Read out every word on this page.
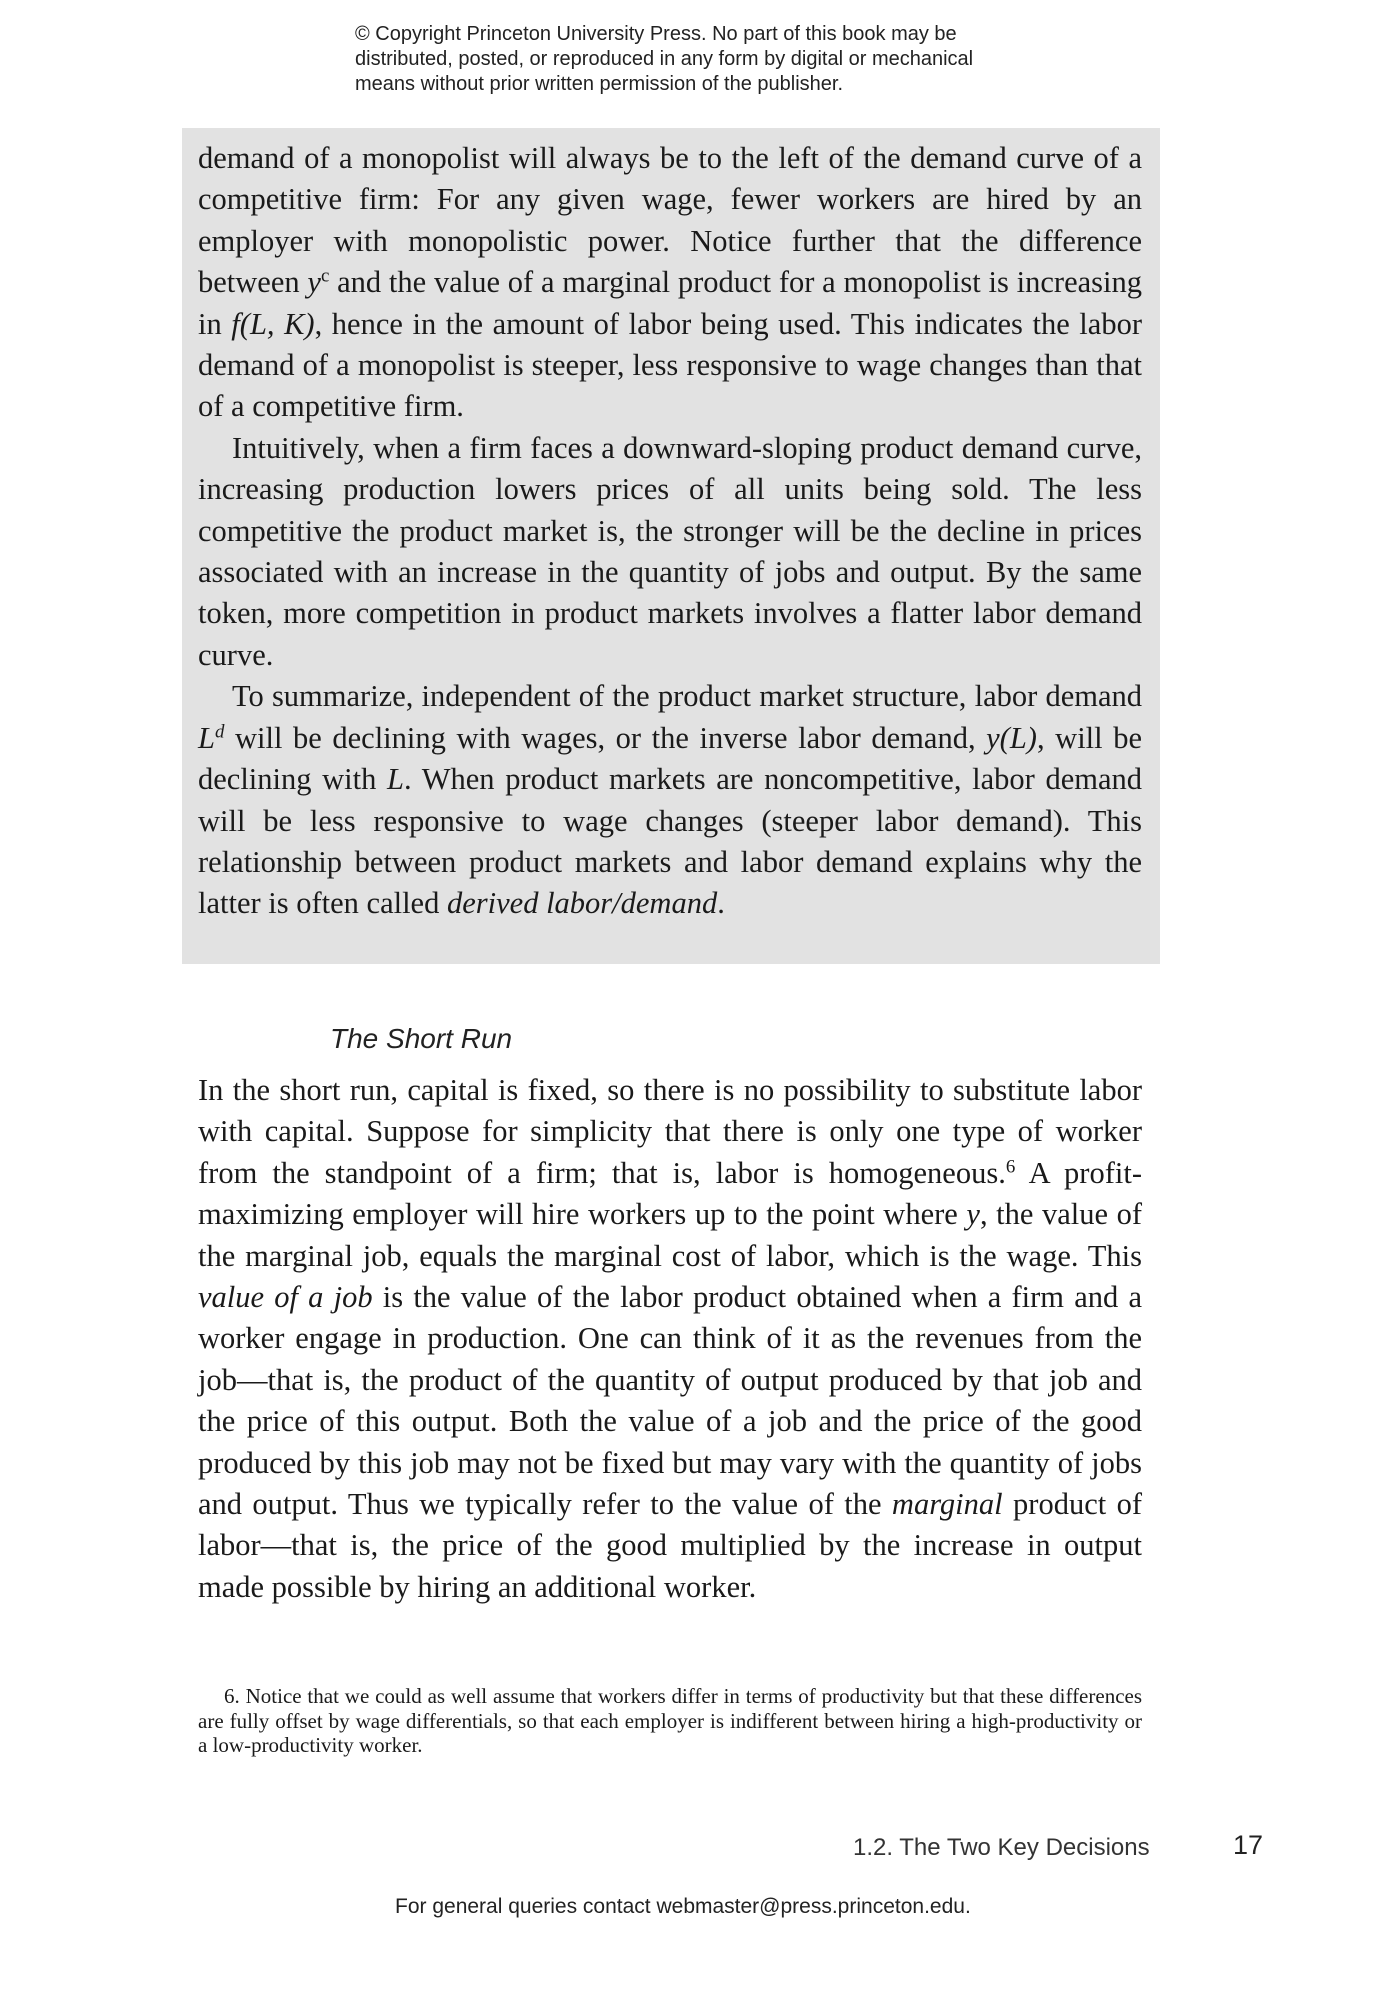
© Copyright Princeton University Press. No part of this book may be

distributed, posted, or reproduced in any form by digital or mechanical

means without prior written permission of the publisher.

demand of a monopolist will always be to the left of the demand curve of a competitive firm: For any given wage, fewer workers are hired by an employer with monopolistic power. Notice further that the difference between $y^c$ and the value of a marginal product for a monopolist is increasing in f(L, K), hence in the amount of labor being used. This indicates the labor demand of a monopolist is steeper, less responsive to wage changes than that of a competitive firm.

Intuitively, when a firm faces a downward-sloping product demand curve, increasing production lowers prices of all units being sold. The less competitive the product market is, the stronger will be the decline in prices associated with an increase in the quantity of jobs and output. By the same token, more competition in product markets involves a flatter labor demand curve.

To summarize, independent of the product market structure, labor demand $L^d$ will be declining with wages, or the inverse labor demand, y(L), will be declining with L. When product markets are noncompetitive, labor demand will be less responsive to wage changes (steeper labor demand). This relationship between product markets and labor demand explains why the latter is often called derived labor/demand.

The Short Run

In the short run, capital is fixed, so there is no possibility to substitute labor with capital. Suppose for simplicity that there is only one type of worker from the standpoint of a firm; that is, labor is homogeneous.$^6$ A profit-maximizing employer will hire workers up to the point where y, the value of the marginal job, equals the marginal cost of labor, which is the wage. This value of a job is the value of the labor product obtained when a firm and a worker engage in production. One can think of it as the revenues from the job—that is, the product of the quantity of output produced by that job and the price of this output. Both the value of a job and the price of the good produced by this job may not be fixed but may vary with the quantity of jobs and output. Thus we typically refer to the value of the marginal product of labor—that is, the price of the good multiplied by the increase in output made possible by hiring an additional worker.

6. Notice that we could as well assume that workers differ in terms of productivity but that these differences are fully offset by wage differentials, so that each employer is indifferent between hiring a high-productivity or a low-productivity worker.
1.2. The Two Key Decisions	17
For general queries contact webmaster@press.princeton.edu.
